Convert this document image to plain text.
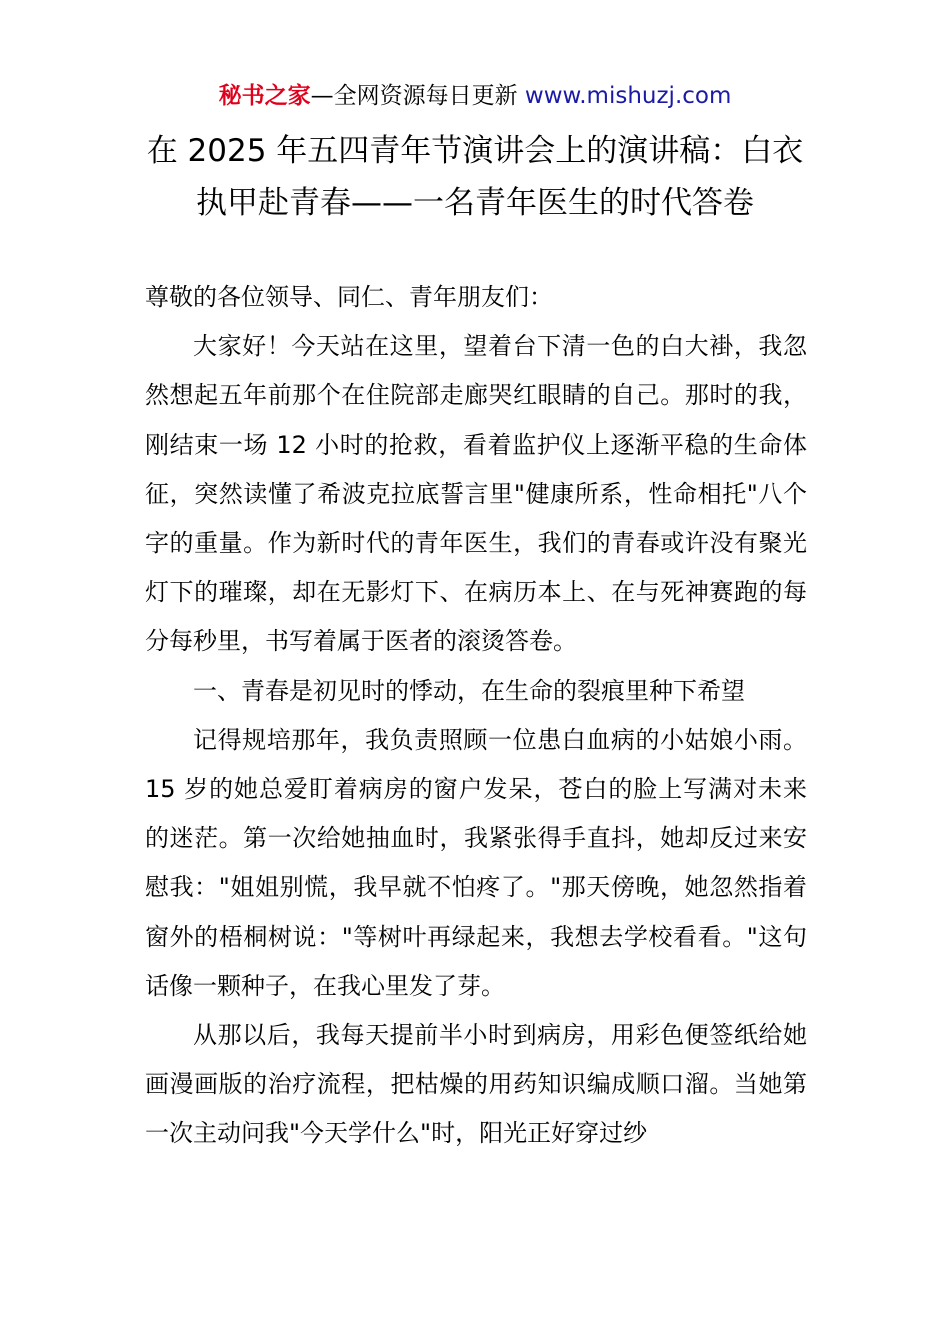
秘书之家—全网资源每日更新 www.mishuzj.com
在 2025 年五四青年节演讲会上的演讲稿：白衣执甲赴青春——一名青年医生的时代答卷

尊敬的各位领导、同仁、青年朋友们：

大家好！今天站在这里，望着台下清一色的白大褂，我忽然想起五年前那个在住院部走廊哭红眼睛的自己。那时的我，刚结束一场 12 小时的抢救，看着监护仪上逐渐平稳的生命体征，突然读懂了希波克拉底誓言里"健康所系，性命相托"八个字的重量。作为新时代的青年医生，我们的青春或许没有聚光灯下的璀璨，却在无影灯下、在病历本上、在与死神赛跑的每分每秒里，书写着属于医者的滚烫答卷。

一、青春是初见时的悸动，在生命的裂痕里种下希望

记得规培那年，我负责照顾一位患白血病的小姑娘小雨。15 岁的她总爱盯着病房的窗户发呆，苍白的脸上写满对未来的迷茫。第一次给她抽血时，我紧张得手直抖，她却反过来安慰我："姐姐别慌，我早就不怕疼了。"那天傍晚，她忽然指着窗外的梧桐树说："等树叶再绿起来，我想去学校看看。"这句话像一颗种子，在我心里发了芽。

从那以后，我每天提前半小时到病房，用彩色便签纸给她画漫画版的治疗流程，把枯燥的用药知识编成顺口溜。当她第一次主动问我"今天学什么"时，阳光正好穿过纱
